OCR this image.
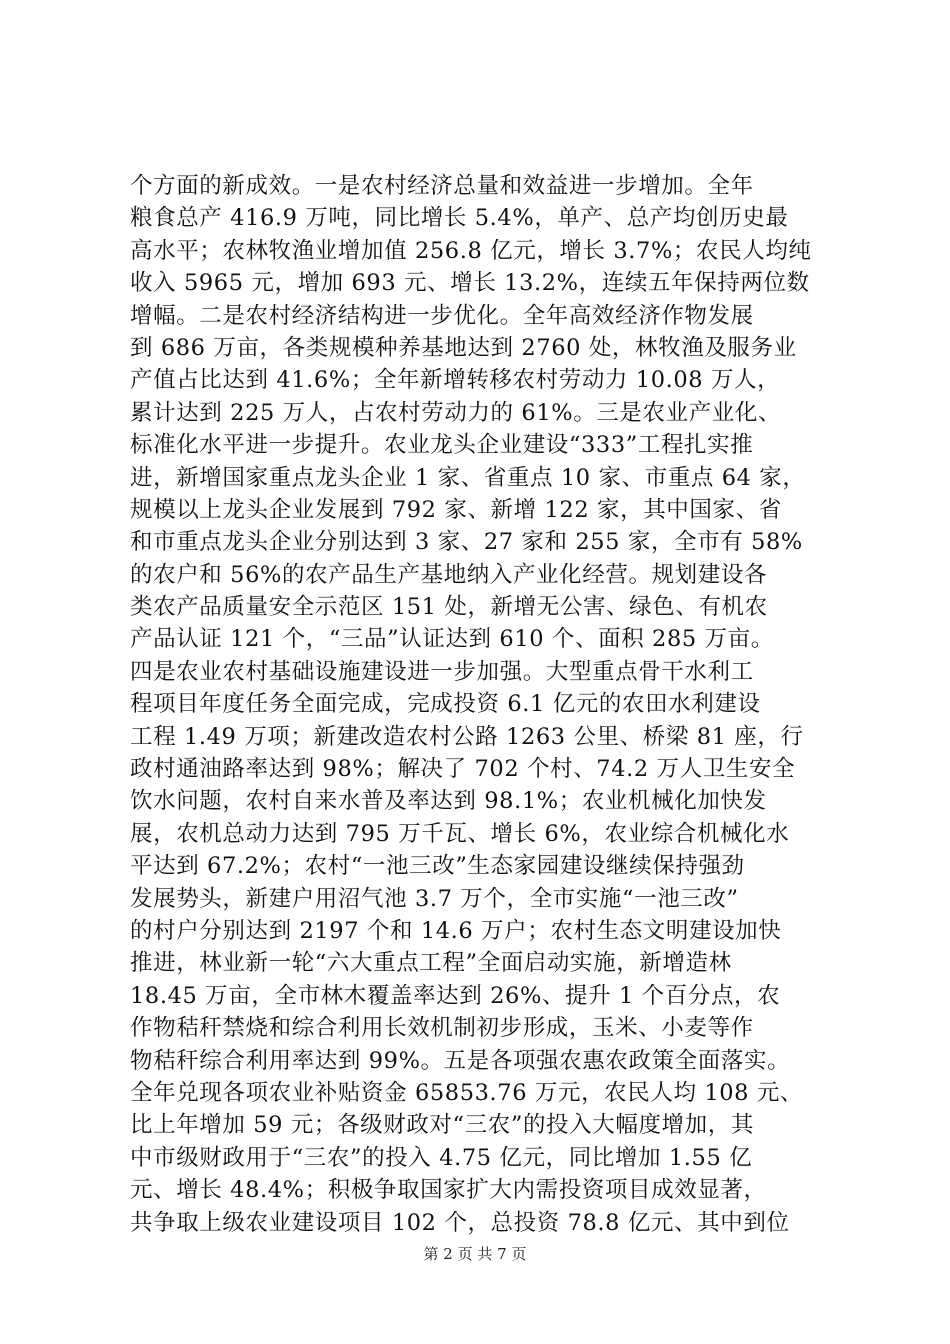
个方面的新成效。一是农村经济总量和效益进一步增加。全年
粮食总产 416.9 万吨，同比增长 5.4%，单产、总产均创历史最
高水平；农林牧渔业增加值 256.8 亿元，增长 3.7%；农民人均纯
收入 5965 元，增加 693 元、增长 13.2%，连续五年保持两位数
增幅。二是农村经济结构进一步优化。全年高效经济作物发展
到 686 万亩，各类规模种养基地达到 2760 处，林牧渔及服务业
产值占比达到 41.6%；全年新增转移农村劳动力 10.08 万人，
累计达到 225 万人，占农村劳动力的 61%。三是农业产业化、
标准化水平进一步提升。农业龙头企业建设“333”工程扎实推
进，新增国家重点龙头企业 1 家、省重点 10 家、市重点 64 家，
规模以上龙头企业发展到 792 家、新增 122 家，其中国家、省
和市重点龙头企业分别达到 3 家、27 家和 255 家，全市有 58%
的农户和 56%的农产品生产基地纳入产业化经营。规划建设各
类农产品质量安全示范区 151 处，新增无公害、绿色、有机农
产品认证 121 个，“三品”认证达到 610 个、面积 285 万亩。
四是农业农村基础设施建设进一步加强。大型重点骨干水利工
程项目年度任务全面完成，完成投资 6.1 亿元的农田水利建设
工程 1.49 万项；新建改造农村公路 1263 公里、桥梁 81 座，行
政村通油路率达到 98%；解决了 702 个村、74.2 万人卫生安全
饮水问题，农村自来水普及率达到 98.1%；农业机械化加快发
展，农机总动力达到 795 万千瓦、增长 6%，农业综合机械化水
平达到 67.2%；农村“一池三改”生态家园建设继续保持强劲
发展势头，新建户用沼气池 3.7 万个，全市实施“一池三改”
的村户分别达到 2197 个和 14.6 万户；农村生态文明建设加快
推进，林业新一轮“六大重点工程”全面启动实施，新增造林
18.45 万亩，全市林木覆盖率达到 26%、提升 1 个百分点，农
作物秸秆禁烧和综合利用长效机制初步形成，玉米、小麦等作
物秸秆综合利用率达到 99%。五是各项强农惠农政策全面落实。
全年兑现各项农业补贴资金 65853.76 万元，农民人均 108 元、
比上年增加 59 元；各级财政对“三农”的投入大幅度增加，其
中市级财政用于“三农”的投入 4.75 亿元，同比增加 1.55 亿
元、增长 48.4%；积极争取国家扩大内需投资项目成效显著，
共争取上级农业建设项目 102 个，总投资 78.8 亿元、其中到位
第 2 页 共 7 页
